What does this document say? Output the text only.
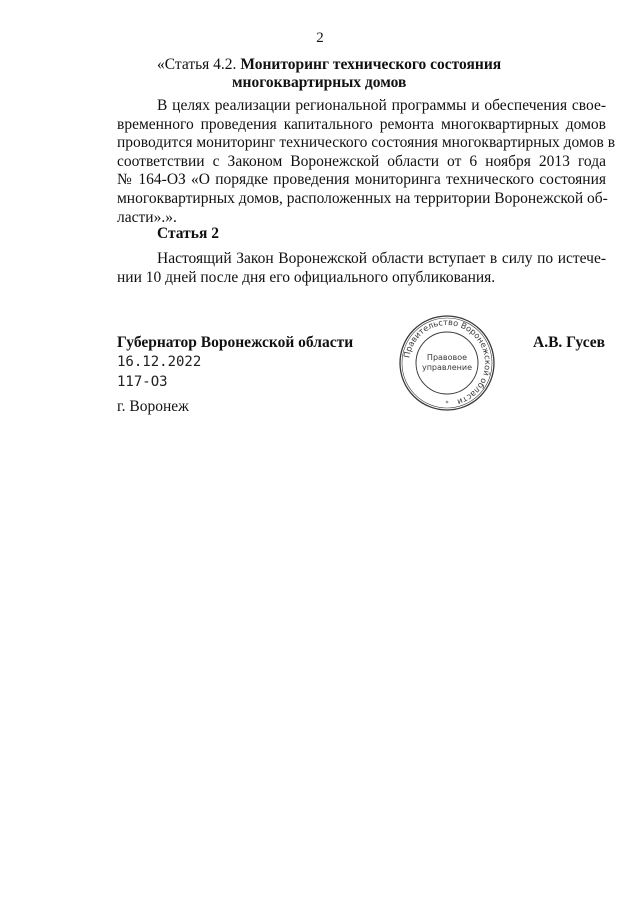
2
«Статья 4.2. Мониторинг технического состояния
многоквартирных домов
В целях реализации региональной программы и обеспечения свое-
временного проведения капитального ремонта многоквартирных домов
проводится мониторинг технического состояния многоквартирных домов в
соответствии с Законом Воронежской области от 6 ноября 2013 года
№ 164-ОЗ «О порядке проведения мониторинга технического состояния
многоквартирных домов, расположенных на территории Воронежской об-
ласти».».
Статья 2
Настоящий Закон Воронежской области вступает в силу по истече-
нии 10 дней после дня его официального опубликования.
Губернатор Воронежской области
16.12.2022
117-ОЗ
г. Воронеж
А.В. Гусев
Правительство Воронежской области
Правовое
управление
*
